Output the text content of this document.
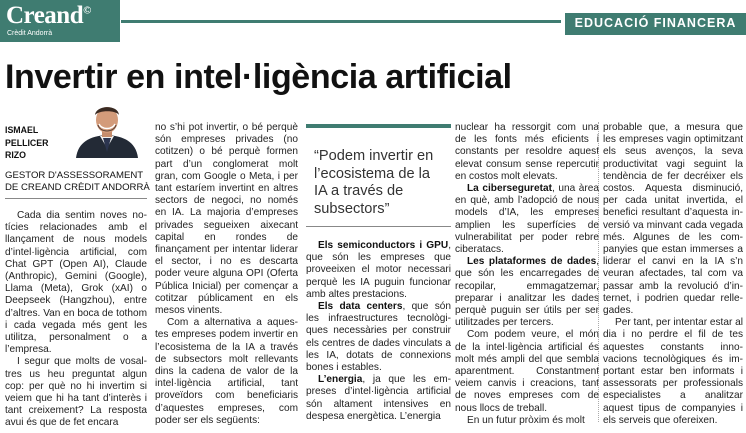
Creand©
Crèdit Andorrà
EDUCACIÓ FINANCERA
Invertir en intel·ligència artificial
ISMAEL
PELLICER
RIZO
GESTOR D'ASSESSORAMENT
DE CREAND CRÈDIT ANDORRÀ

Cada dia sentim noves notícies relacionades amb el llançament de nous models d’intel·ligència artificial, com Chat GPT (Open AI), Claude (Anthropic), Gemini (Google), Llama (Meta), Grok (xAI) o Deepseek (Hangzhou), entre d’altres. Van en boca de tothom i cada vegada més gent les utilitza, personalment o a l’empresa.

I segur que molts de vosaltres us heu preguntat algun cop: per què no hi invertim si veiem que hi ha tant d’interès i tant creixement? La resposta avui és que de fet encara

no s’hi pot invertir, o bé perquè són empreses privades (no cotitzen) o bé perquè formen part d’un conglomerat molt gran, com Google o Meta, i per tant estaríem invertint en altres sectors de negoci, no només en IA. La majoria d’empreses privades segueixen aixecant capital en rondes de finançament per intentar liderar el sector, i no es descarta poder veure alguna OPI (Oferta Pública Inicial) per començar a cotitzar públicament en els mesos vinents.

Com a alternativa a aquestes empreses podem invertir en l’ecosistema de la IA a través de subsectors molt rellevants dins la cadena de valor de la intel·ligència artificial, tant proveïdors com beneficiaris d’aquestes empreses, com poder ser els següents:

“Podem invertir en l’ecosistema de la IA a través de subsectors”

Els semiconductors i GPU, que són les empreses que proveeixen el motor necessari perquè les IA puguin funcionar amb altes prestacions.

Els data centers, que són les infraestructures tecnològiques necessàries per construir els centres de dades vinculats a les IA, dotats de connexions bones i estables.

L’energia, ja que les empreses d’intel·ligència artificial són altament intensives en despesa energètica. L’energia

nuclear ha ressorgit com una de les fonts més eficients i constants per resoldre aquest elevat consum sense repercutir en costos molt elevats.

La ciberseguretat, una àrea en què, amb l’adopció de nous models d’IA, les empreses amplien les superfícies de vulnerabilitat per poder rebre ciberatacs.

Les plataformes de dades, que són les encarregades de recopilar, emmagatzemar, preparar i analitzar les dades perquè puguin ser útils per ser utilitzades per tercers.

Com podem veure, el món de la intel·ligència artificial és molt més ampli del que sembla aparentment. Constantment veiem canvis i creacions, tant de noves empreses com de nous llocs de treball.

En un futur pròxim és molt

probable que, a mesura que les empreses vagin optimitzant els seus avenços, la seva productivitat vagi seguint la tendència de fer decréixer els costos. Aquesta disminució, per cada unitat invertida, el benefici resultant d’aquesta inversió va minvant cada vegada més. Algunes de les companyies que estan immerses a liderar el canvi en la IA s’n veuran afectades, tal com va passar amb la revolució d’internet, i podrien quedar rellegades.

Per tant, per intentar estar al dia i no perdre el fil de tes aquestes constants innovacions tecnològiques és important estar ben informats i assessorats per professionals especialistes a analitzar aquest tipus de companyies i els serveis que ofereixen.
